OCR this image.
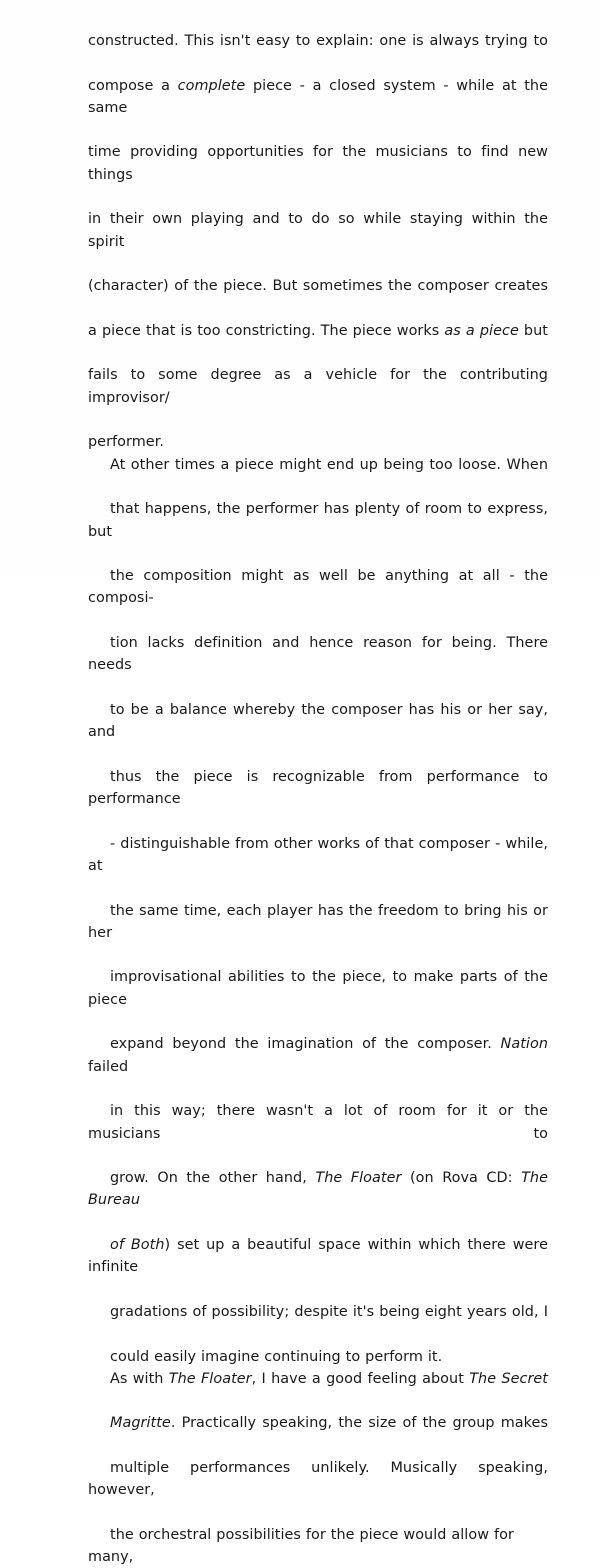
constructed. This isn't easy to explain: one is always trying to
compose a complete piece - a closed system - while at the same
time providing opportunities for the musicians to find new things
in their own playing and to do so while staying within the spirit
(character) of the piece. But sometimes the composer creates
a piece that is too constricting. The piece works as a piece but
fails to some degree as a vehicle for the contributing improvisor/
performer.

At other times a piece might end up being too loose. When
that happens, the performer has plenty of room to express, but
the composition might as well be anything at all - the composi-
tion lacks definition and hence reason for being. There needs
to be a balance whereby the composer has his or her say, and
thus the piece is recognizable from performance to performance
- distinguishable from other works of that composer - while, at
the same time, each player has the freedom to bring his or her
improvisational abilities to the piece, to make parts of the piece
expand beyond the imagination of the composer. Nation failed
in this way; there wasn't a lot of room for it or the musicians to
grow. On the other hand, The Floater (on Rova CD: The Bureau
of Both) set up a beautiful space within which there were infinite
gradations of possibility; despite it's being eight years old, I
could easily imagine continuing to perform it.

As with The Floater, I have a good feeling about The Secret
Magritte. Practically speaking, the size of the group makes
multiple performances unlikely. Musically speaking, however,
the orchestral possibilities for the piece would allow for many,
